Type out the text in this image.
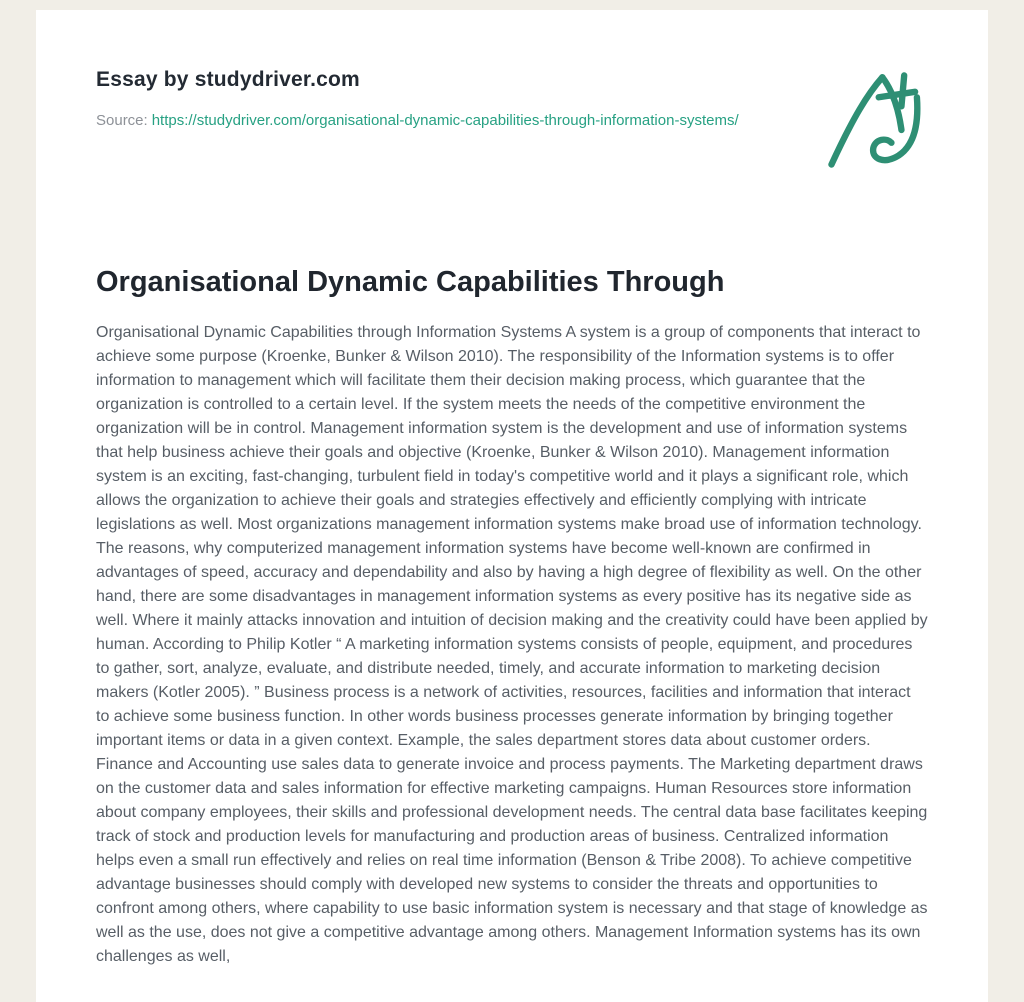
Essay by studydriver.com

Source: https://studydriver.com/organisational-dynamic-capabilities-through-information-systems/

Organisational Dynamic Capabilities Through

Organisational Dynamic Capabilities through Information Systems A system is a group of components that interact to achieve some purpose (Kroenke, Bunker & Wilson 2010). The responsibility of the Information systems is to offer information to management which will facilitate them their decision making process, which guarantee that the organization is controlled to a certain level. If the system meets the needs of the competitive environment the organization will be in control. Management information system is the development and use of information systems that help business achieve their goals and objective (Kroenke, Bunker & Wilson 2010). Management information system is an exciting, fast-changing, turbulent field in today's competitive world and it plays a significant role, which allows the organization to achieve their goals and strategies effectively and efficiently complying with intricate legislations as well. Most organizations management information systems make broad use of information technology. The reasons, why computerized management information systems have become well-known are confirmed in advantages of speed, accuracy and dependability and also by having a high degree of flexibility as well. On the other hand, there are some disadvantages in management information systems as every positive has its negative side as well. Where it mainly attacks innovation and intuition of decision making and the creativity could have been applied by human. According to Philip Kotler “ A marketing information systems consists of people, equipment, and procedures to gather, sort, analyze, evaluate, and distribute needed, timely, and accurate information to marketing decision makers (Kotler 2005). ” Business process is a network of activities, resources, facilities and information that interact to achieve some business function. In other words business processes generate information by bringing together important items or data in a given context. Example, the sales department stores data about customer orders. Finance and Accounting use sales data to generate invoice and process payments. The Marketing department draws on the customer data and sales information for effective marketing campaigns. Human Resources store information about company employees, their skills and professional development needs. The central data base facilitates keeping track of stock and production levels for manufacturing and production areas of business. Centralized information helps even a small run effectively and relies on real time information (Benson & Tribe 2008). To achieve competitive advantage businesses should comply with developed new systems to consider the threats and opportunities to confront among others, where capability to use basic information system is necessary and that stage of knowledge as well as the use, does not give a competitive advantage among others. Management Information systems has its own challenges as well,
